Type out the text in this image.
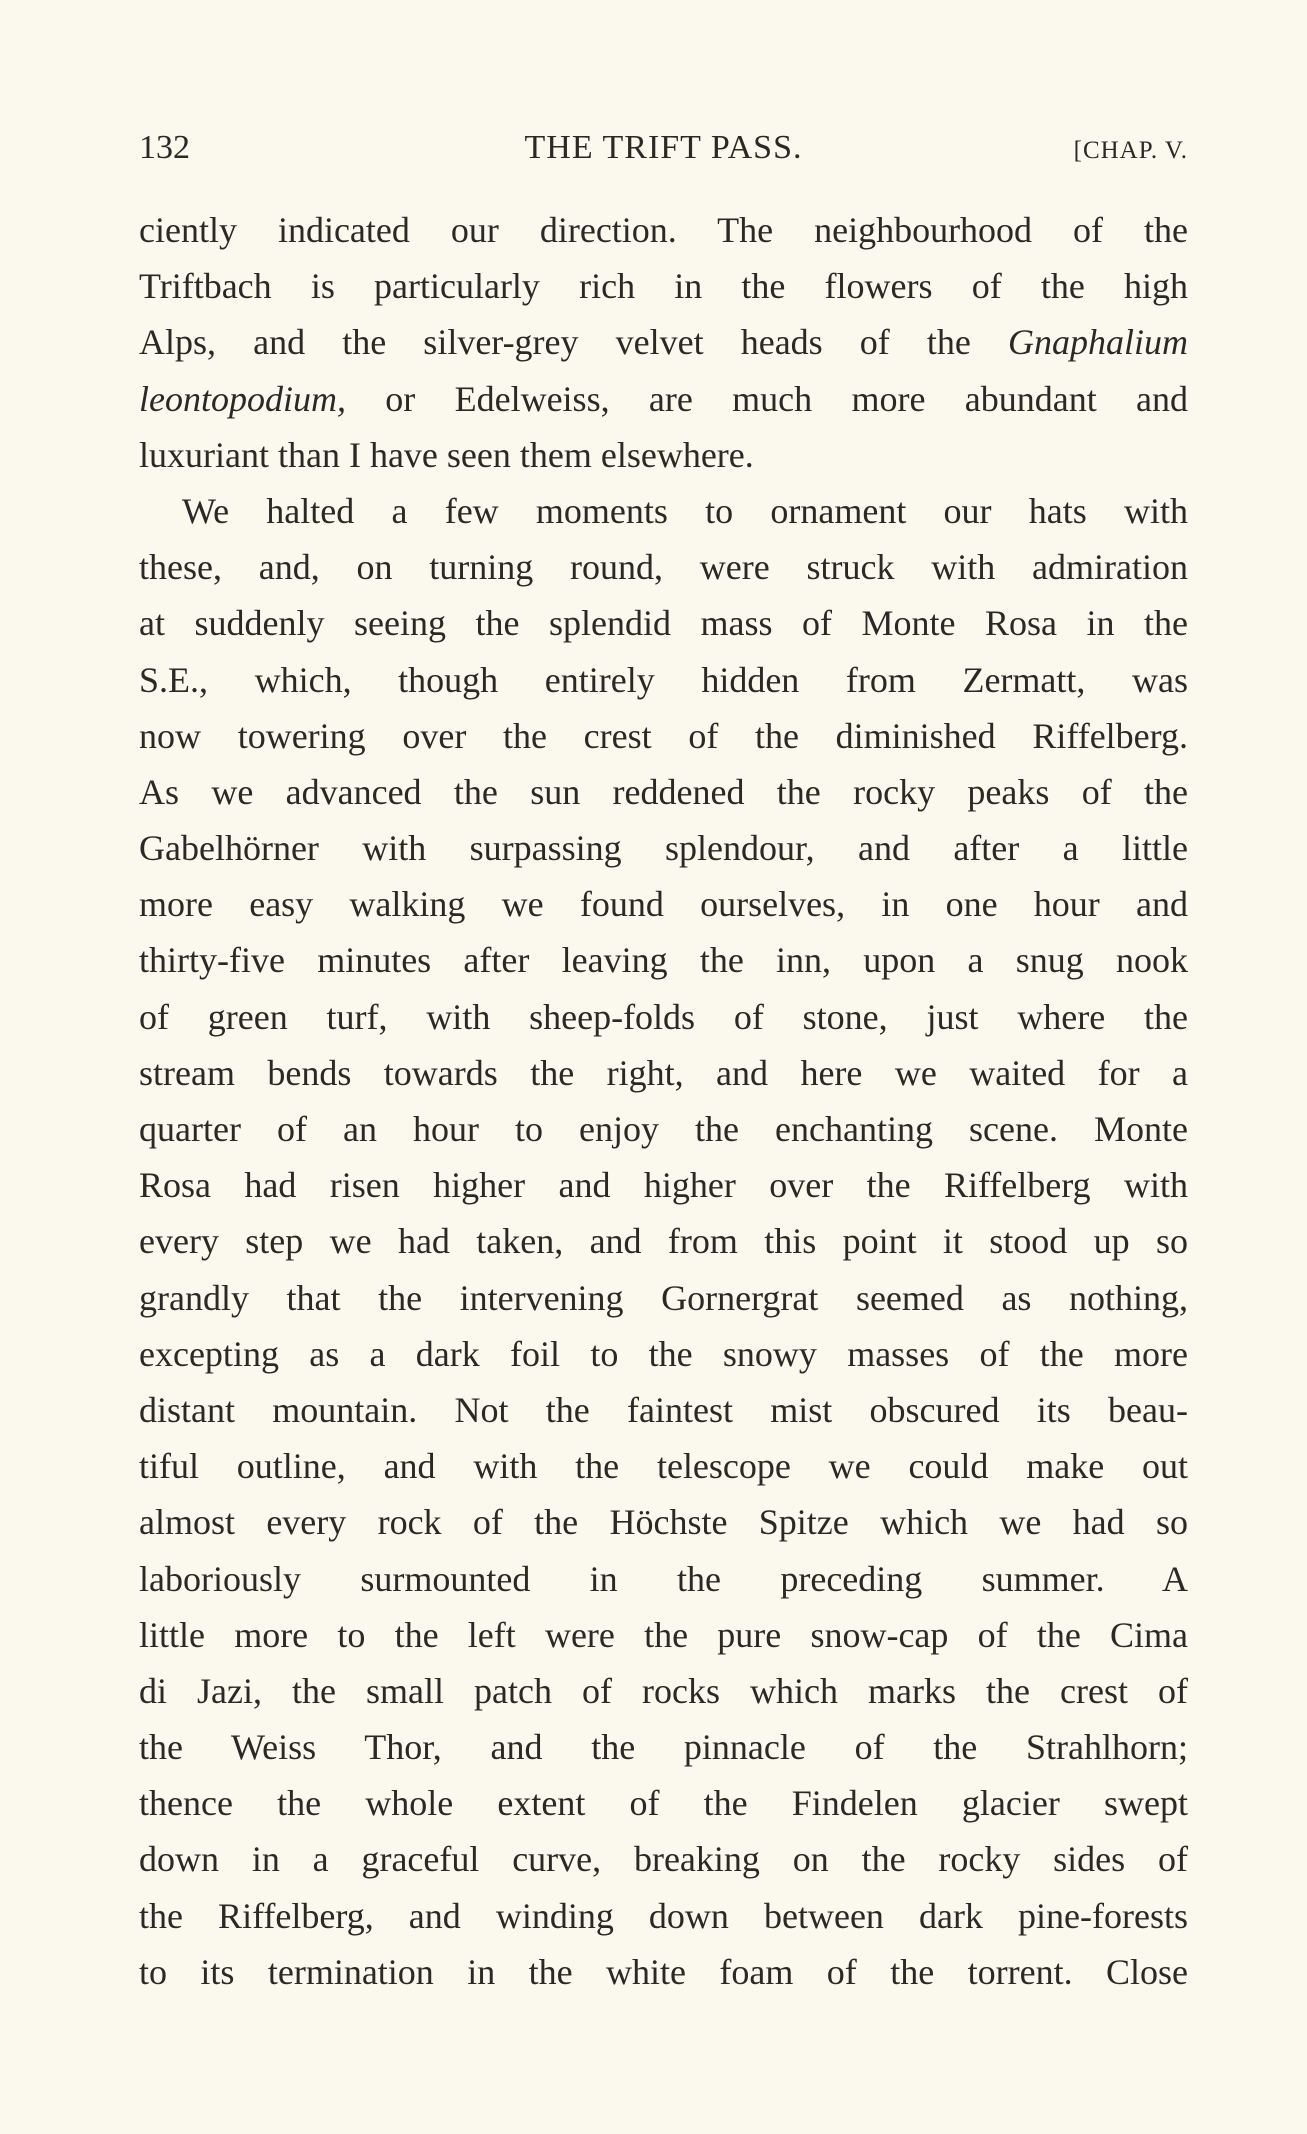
132	THE TRIFT PASS.	[CHAP. V.
ciently indicated our direction. The neighbourhood of the
Triftbach is particularly rich in the flowers of the high
Alps, and the silver-grey velvet heads of the Gnaphalium
leontopodium, or Edelweiss, are much more abundant and
luxuriant than I have seen them elsewhere.
We halted a few moments to ornament our hats with
these, and, on turning round, were struck with admiration
at suddenly seeing the splendid mass of Monte Rosa in the
S.E., which, though entirely hidden from Zermatt, was
now towering over the crest of the diminished Riffelberg.
As we advanced the sun reddened the rocky peaks of the
Gabelhörner with surpassing splendour, and after a little
more easy walking we found ourselves, in one hour and
thirty-five minutes after leaving the inn, upon a snug nook
of green turf, with sheep-folds of stone, just where the
stream bends towards the right, and here we waited for a
quarter of an hour to enjoy the enchanting scene. Monte
Rosa had risen higher and higher over the Riffelberg with
every step we had taken, and from this point it stood up so
grandly that the intervening Gornergrat seemed as nothing,
excepting as a dark foil to the snowy masses of the more
distant mountain. Not the faintest mist obscured its beau-
tiful outline, and with the telescope we could make out
almost every rock of the Höchste Spitze which we had so
laboriously surmounted in the preceding summer. A
little more to the left were the pure snow-cap of the Cima
di Jazi, the small patch of rocks which marks the crest of
the Weiss Thor, and the pinnacle of the Strahlhorn;
thence the whole extent of the Findelen glacier swept
down in a graceful curve, breaking on the rocky sides of
the Riffelberg, and winding down between dark pine-forests
to its termination in the white foam of the torrent. Close
